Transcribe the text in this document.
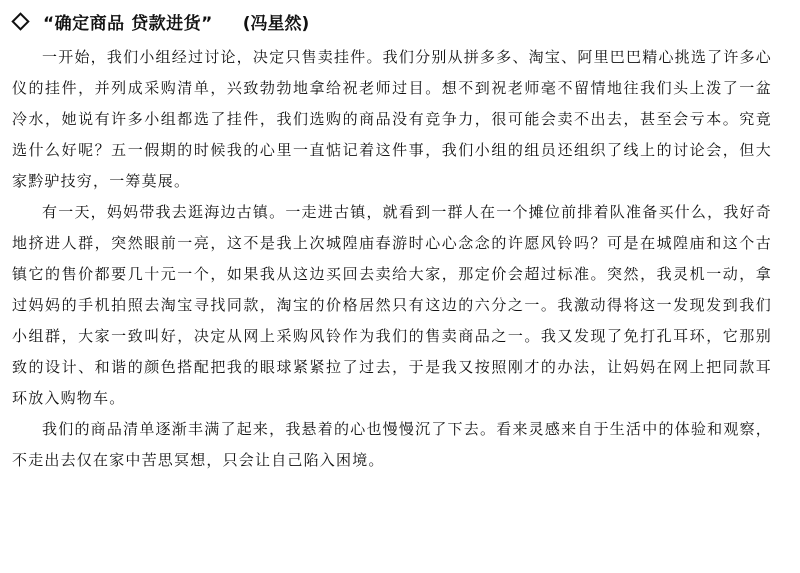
“确定商品 贷款进货” (冯星然)

一开始，我们小组经过讨论，决定只售卖挂件。我们分别从拼多多、淘宝、阿里巴巴精心挑选了许多心仪的挂件，并列成采购清单，兴致勃勃地拿给祝老师过目。想不到祝老师毫不留情地往我们头上泼了一盆冷水，她说有许多小组都选了挂件，我们选购的商品没有竞争力，很可能会卖不出去，甚至会亏本。究竟选什么好呢？五一假期的时候我的心里一直惦记着这件事，我们小组的组员还组织了线上的讨论会，但大家黔驴技穷，一筹莫展。

有一天，妈妈带我去逛海边古镇。一走进古镇，就看到一群人在一个摊位前排着队准备买什么，我好奇地挤进人群，突然眼前一亮，这不是我上次城隍庙春游时心心念念的许愿风铃吗？可是在城隍庙和这个古镇它的售价都要几十元一个，如果我从这边买回去卖给大家，那定价会超过标准。突然，我灵机一动，拿过妈妈的手机拍照去淘宝寻找同款，淘宝的价格居然只有这边的六分之一。我激动得将这一发现发到我们小组群，大家一致叫好，决定从网上采购风铃作为我们的售卖商品之一。我又发现了免打孔耳环，它那别致的设计、和谐的颜色搭配把我的眼球紧紧拉了过去，于是我又按照刚才的办法，让妈妈在网上把同款耳环放入购物车。

我们的商品清单逐渐丰满了起来，我悬着的心也慢慢沉了下去。看来灵感来自于生活中的体验和观察，不走出去仅在家中苦思冥想，只会让自己陷入困境。
